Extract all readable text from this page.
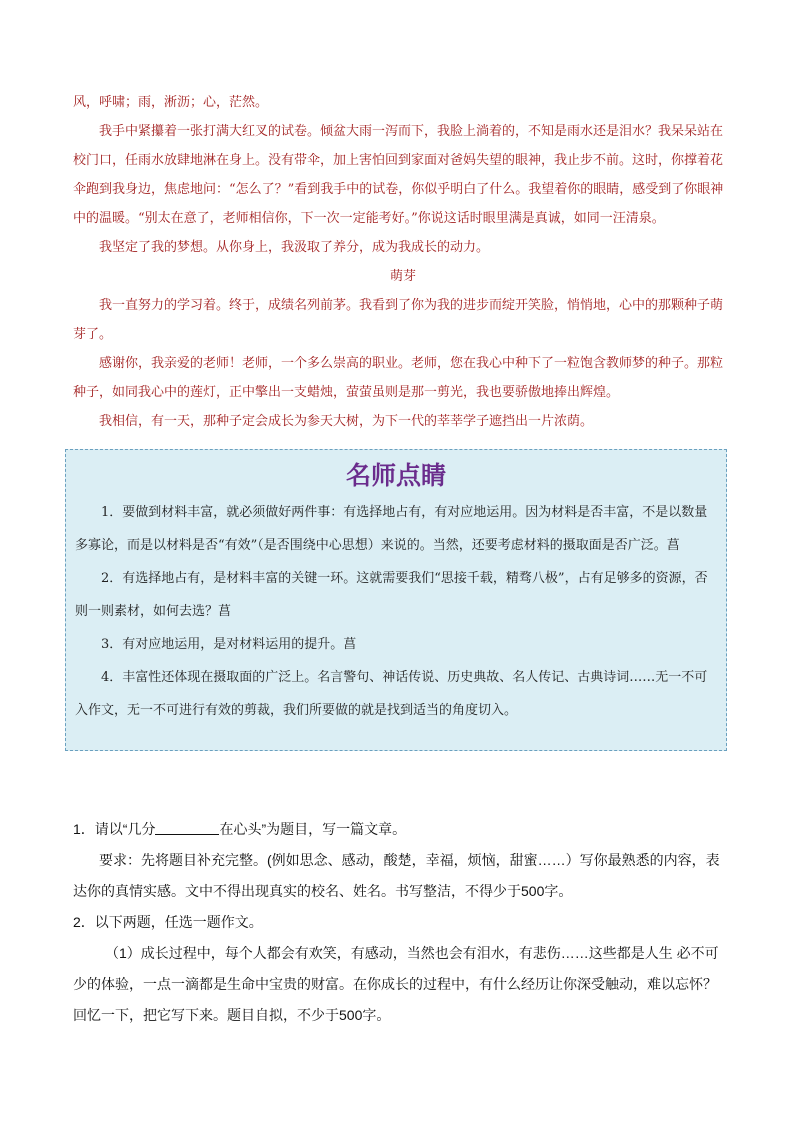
风，呼啸；雨，淅沥；心，茫然。

我手中紧攥着一张打满大红叉的试卷。倾盆大雨一泻而下，我脸上淌着的，不知是雨水还是泪水？我呆呆站在校门口，任雨水放肆地淋在身上。没有带伞，加上害怕回到家面对爸妈失望的眼神，我止步不前。这时，你撑着花伞跑到我身边，焦虑地问：“怎么了？”看到我手中的试卷，你似乎明白了什么。我望着你的眼睛，感受到了你眼神中的温暖。“别太在意了，老师相信你，下一次一定能考好。”你说这话时眼里满是真诚，如同一汪清泉。

我坚定了我的梦想。从你身上，我汲取了养分，成为我成长的动力。

萌芽

我一直努力的学习着。终于，成绩名列前茅。我看到了你为我的进步而绽开笑脸，悄悄地，心中的那颗种子萌芽了。

感谢你，我亲爱的老师！老师，一个多么崇高的职业。老师，您在我心中种下了一粒饱含教师梦的种子。那粒种子，如同我心中的莲灯，正中擎出一支蜡烛，萤萤虽则是那一剪光，我也要骄傲地捧出辉煌。

我相信，有一天，那种子定会成长为参天大树，为下一代的莘莘学子遮挡出一片浓荫。

名师点睛

1．要做到材料丰富，就必须做好两件事：有选择地占有，有对应地运用。因为材料是否丰富，不是以数量多寡论，而是以材料是否“有效”（是否围绕中心思想）来说的。当然，还要考虑材料的摄取面是否广泛。菖

2．有选择地占有，是材料丰富的关键一环。这就需要我们“思接千载，精骛八极”，占有足够多的资源，否则一则素材，如何去选？菖

3．有对应地运用，是对材料运用的提升。菖

4．丰富性还体现在摄取面的广泛上。名言警句、神话传说、历史典故、名人传记、古典诗词……无一不可入作文，无一不可进行有效的剪裁，我们所要做的就是找到适当的角度切入。

1．请以“几分	在心头”为题目，写一篇文章。

要求：先将题目补充完整。(例如思念、感动，酸楚，幸福，烦恼，甜蜜……）写你最熟悉的内容，表

达你的真情实感。文中不得出现真实的校名、姓名。书写整洁，不得少于500字。

2．以下两题，任选一题作文。

（1）成长过程中，每个人都会有欢笑，有感动，当然也会有泪水，有悲伤……这些都是人生 必不可

少的体验，一点一滴都是生命中宝贵的财富。在你成长的过程中，有什么经历让你深受触动，难以忘怀？

回忆一下，把它写下来。题目自拟，不少于500字。
